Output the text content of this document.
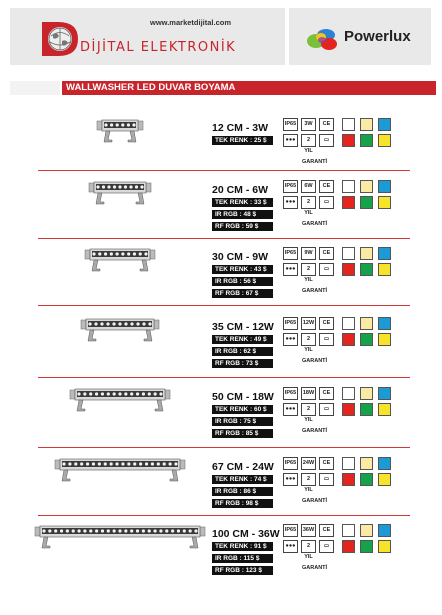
www.marketdijital.com
DİJİTAL ELEKTRONİK
Powerlux
WALLWASHER LED DUVAR BOYAMA
12 CM - 3W
TEK RENK : 25 $
IP65	3W	CE
●●●	2 YIL GARANTİ
▭
20 CM - 6W
TEK RENK : 33 $
IR RGB : 48 $
RF RGB : 59 $
IP65	6W	CE
●●●	2 YIL GARANTİ
▭
30 CM - 9W
TEK RENK : 43 $
IR RGB : 56 $
RF RGB : 67 $
IP65	9W	CE
●●●	2 YIL GARANTİ
▭
35 CM - 12W
TEK RENK : 49 $
IR RGB : 62 $
RF RGB : 73 $
IP65	12W	CE
●●●	2 YIL GARANTİ
▭
50 CM - 18W
TEK RENK : 60 $
IR RGB : 75 $
RF RGB : 85 $
IP65	18W	CE
●●●	2 YIL GARANTİ
▭
67 CM - 24W
TEK RENK : 74 $
IR RGB : 86 $
RF RGB : 98 $
IP65	24W	CE
●●●	2 YIL GARANTİ
▭
100 CM - 36W
TEK RENK : 91 $
IR RGB : 115 $
RF RGB : 123 $
IP65	36W	CE
●●●	2 YIL GARANTİ
▭
